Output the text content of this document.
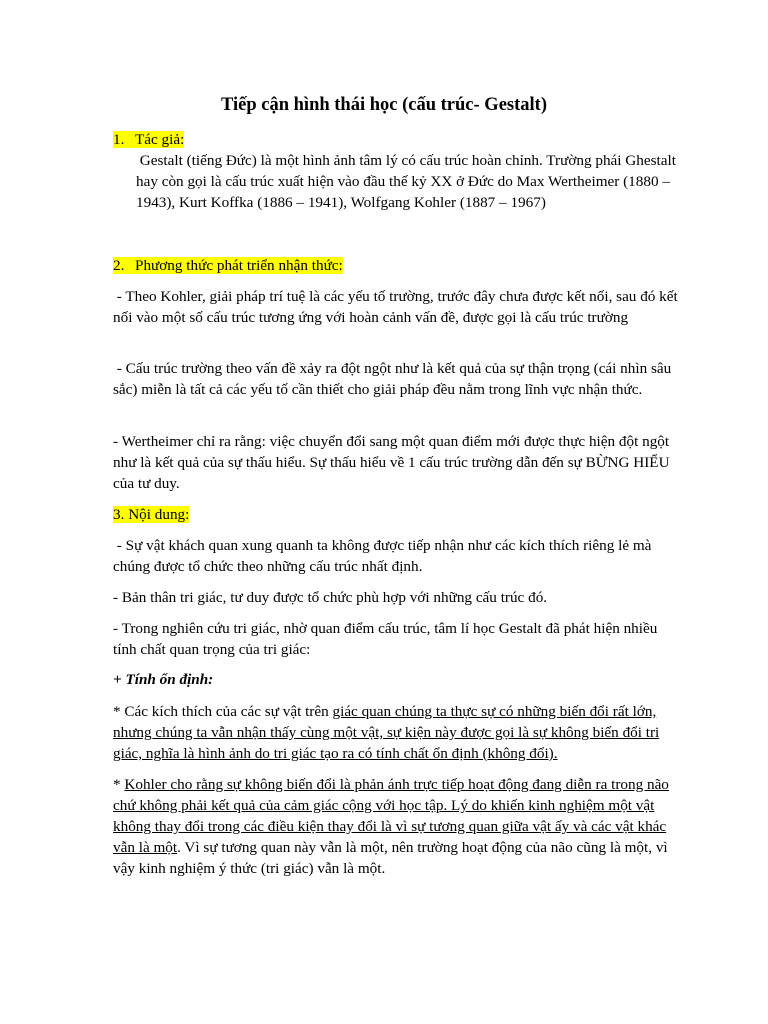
Tiếp cận hình thái học (cấu trúc- Gestalt)
1. Tác giả:

Gestalt (tiếng Đức) là một hình ảnh tâm lý có cấu trúc hoàn chỉnh. Trường phái Ghestalt hay còn gọi là cấu trúc xuất hiện vào đầu thế kỷ XX ở Đức do Max Wertheimer (1880 – 1943), Kurt Koffka (1886 – 1941), Wolfgang Kohler (1887 – 1967)

2. Phương thức phát triển nhận thức:

- Theo Kohler, giải pháp trí tuệ là các yếu tố trường, trước đây chưa được kết nối, sau đó kết nối vào một số cấu trúc tương ứng với hoàn cảnh vấn đề, được gọi là cấu trúc trường

- Cấu trúc trường theo vấn đề xảy ra đột ngột như là kết quả của sự thận trọng (cái nhìn sâu sắc) miễn là tất cả các yếu tố cần thiết cho giải pháp đều nằm trong lĩnh vực nhận thức.

- Wertheimer chỉ ra rằng: việc chuyển đổi sang một quan điểm mới được thực hiện đột ngột như là kết quả của sự thấu hiểu. Sự thấu hiểu về 1 cấu trúc trường dẫn đến sự BỪNG HIỂU của tư duy.

3. Nội dung:

- Sự vật khách quan xung quanh ta không được tiếp nhận như các kích thích riêng lẻ mà chúng được tổ chức theo những cấu trúc nhất định.

- Bản thân tri giác, tư duy được tổ chức phù hợp với những cấu trúc đó.

- Trong nghiên cứu tri giác, nhờ quan điểm cấu trúc, tâm lí học Gestalt đã phát hiện nhiều tính chất quan trọng của tri giác:

+ Tính ổn định:

* Các kích thích của các sự vật trên giác quan chúng ta thực sự có những biến đổi rất lớn, nhưng chúng ta vẫn nhận thấy cùng một vật, sự kiện này được gọi là sự không biến đổi tri giác, nghĩa là hình ảnh do tri giác tạo ra có tính chất ổn định (không đổi).

* Kohler cho rằng sự không biến đổi là phản ánh trực tiếp hoạt động đang diễn ra trong não chứ không phải kết quả của cảm giác cộng với học tập. Lý do khiến kinh nghiệm một vật không thay đổi trong các điều kiện thay đổi là vì sự tương quan giữa vật ấy và các vật khác vẫn là một. Vì sự tương quan này vẫn là một, nên trường hoạt động của não cũng là một, vì vậy kinh nghiệm ý thức (tri giác) vẫn là một.
